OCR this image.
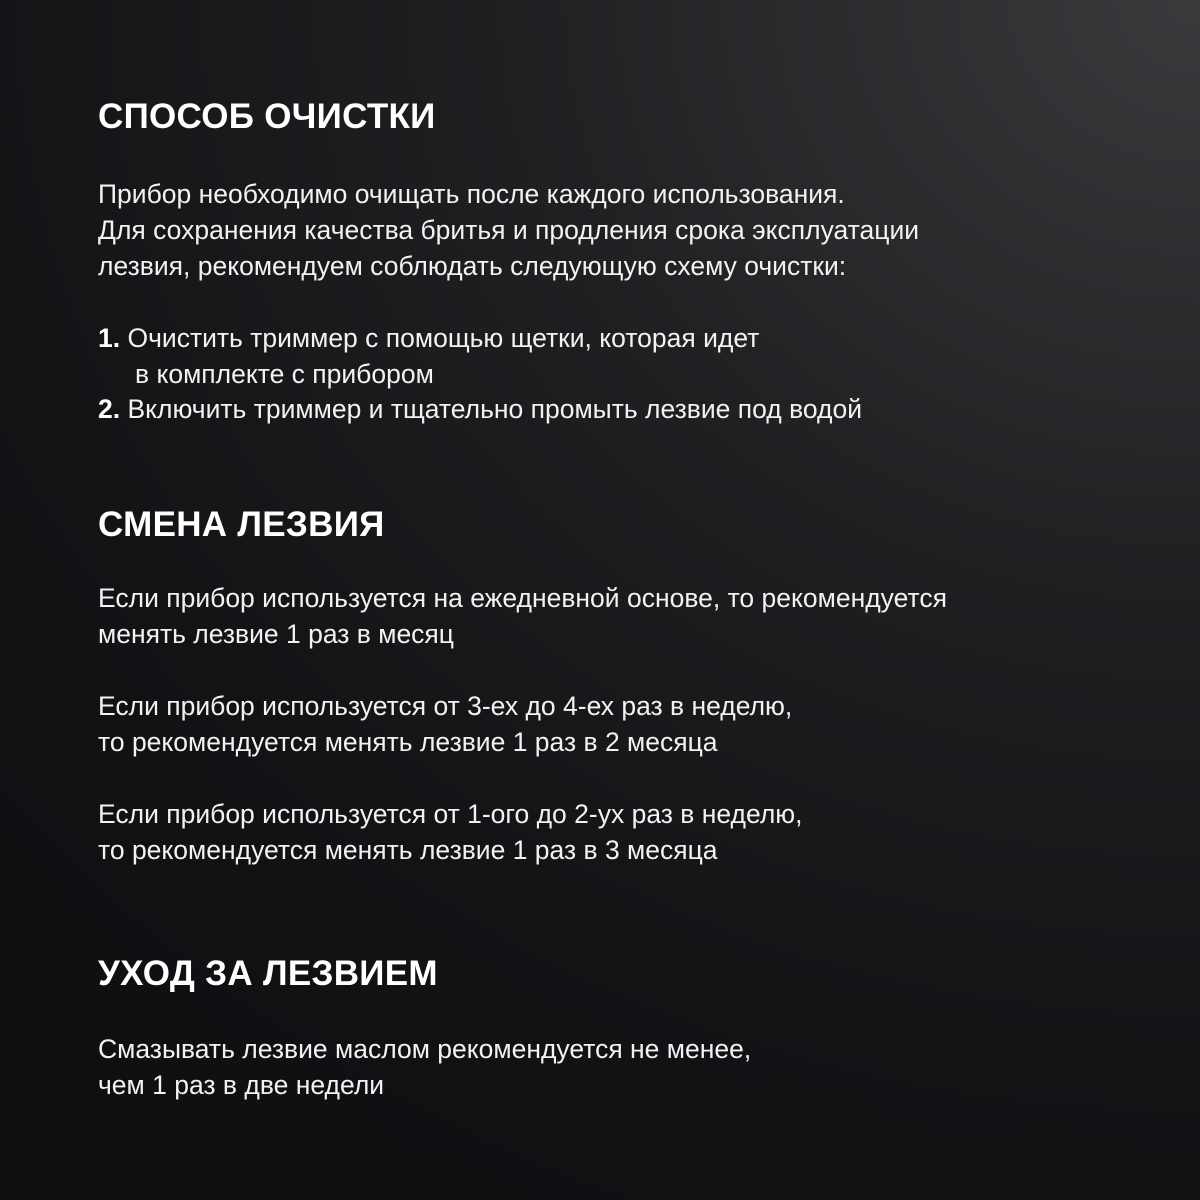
СПОСОБ ОЧИСТКИ

Прибор необходимо очищать после каждого использования.
Для сохранения качества бритья и продления срока эксплуатации
лезвия, рекомендуем соблюдать следующую схему очистки:

1. Очистить триммер с помощью щетки, которая идет
в комплекте с прибором
2. Включить триммер и тщательно промыть лезвие под водой
СМЕНА ЛЕЗВИЯ

Если прибор используется на ежедневной основе, то рекомендуется
менять лезвие 1 раз в месяц

Если прибор используется от 3-ех до 4-ех раз в неделю,
то рекомендуется менять лезвие 1 раз в 2 месяца

Если прибор используется от 1-ого до 2-ух раз в неделю,
то рекомендуется менять лезвие 1 раз в 3 месяца

УХОД ЗА ЛЕЗВИЕМ

Смазывать лезвие маслом рекомендуется не менее,
чем 1 раз в две недели
